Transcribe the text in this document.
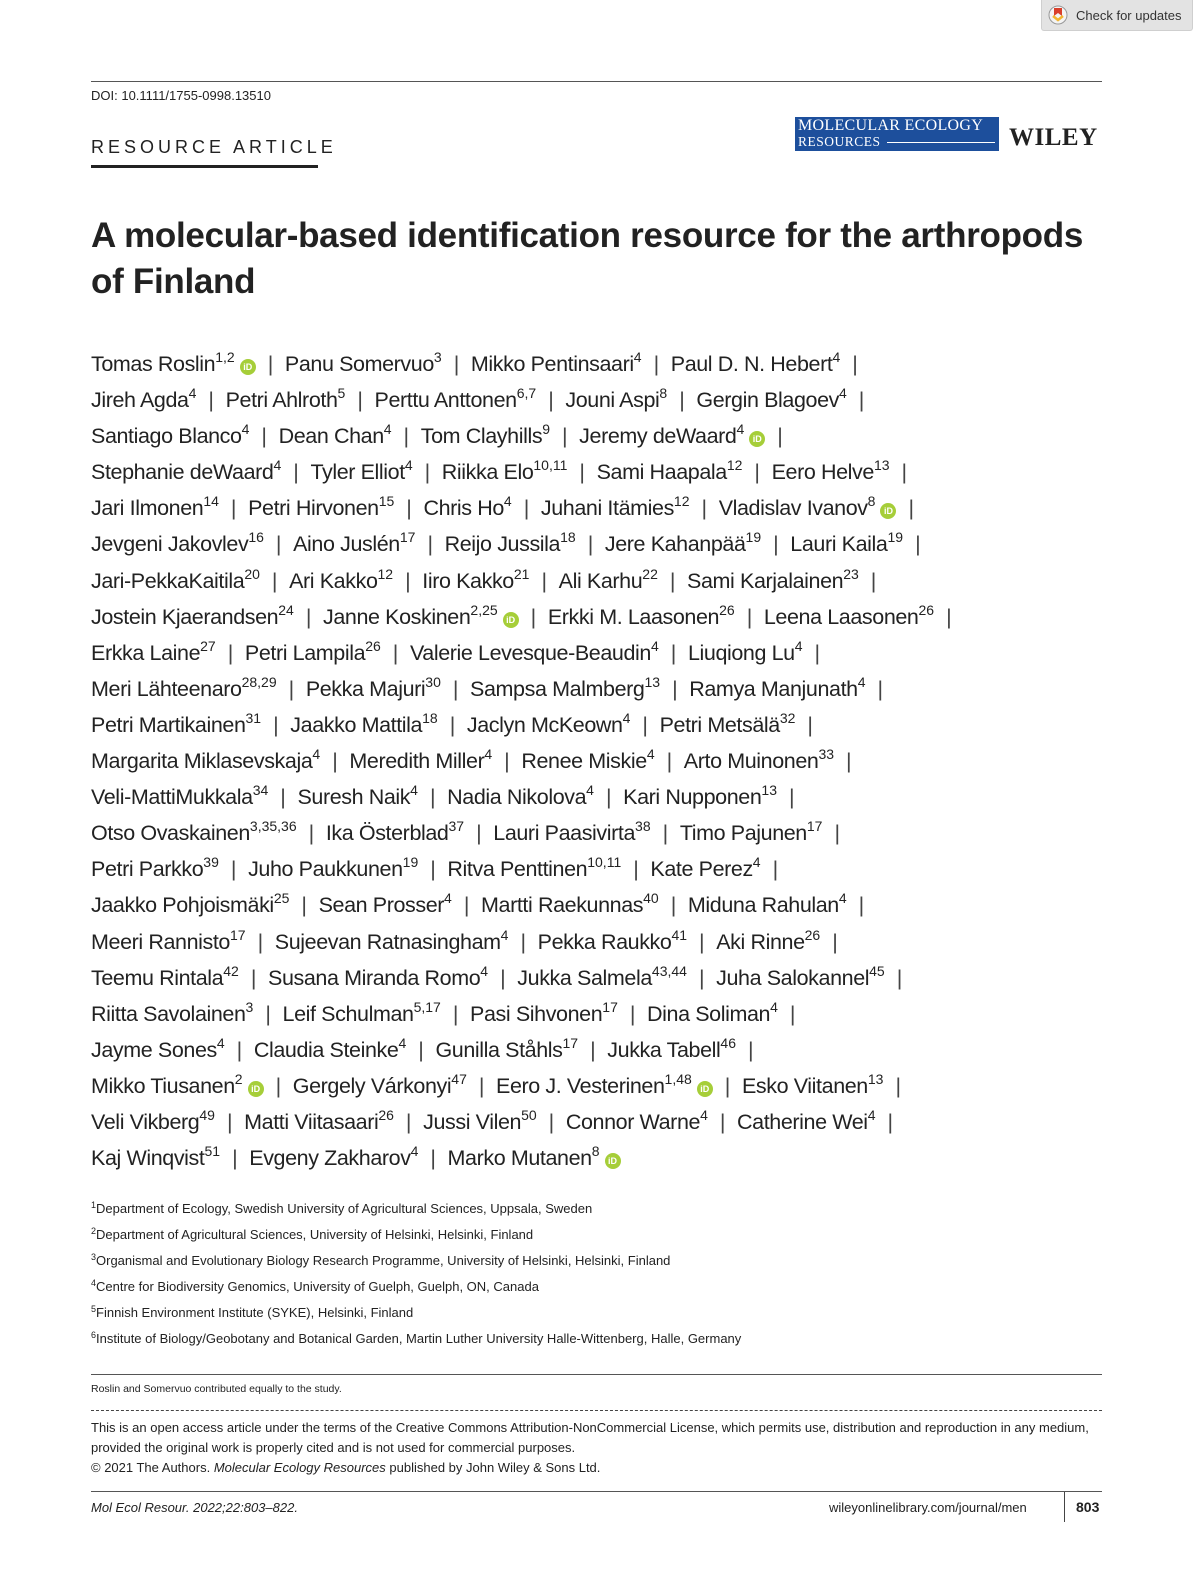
Check for updates
DOI: 10.1111/1755-0998.13510
RESOURCE ARTICLE
MOLECULAR ECOLOGY
RESOURCES	WILEY
A molecular-based identification resource for the arthropods of Finland
Tomas Roslin$^{1,2}$iD | Panu Somervuo$^3$ | Mikko Pentinsaari$^4$ | Paul D. N. Hebert$^4$ |
Jireh Agda$^4$ | Petri Ahlroth$^5$ | Perttu Anttonen$^{6,7}$ | Jouni Aspi$^8$ | Gergin Blagoev$^4$ |
Santiago Blanco$^4$ | Dean Chan$^4$ | Tom Clayhills$^9$ | Jeremy deWaard$^4$iD |
Stephanie deWaard$^4$ | Tyler Elliot$^4$ | Riikka Elo$^{10,11}$ | Sami Haapala$^{12}$ | Eero Helve$^{13}$ |
Jari Ilmonen$^{14}$ | Petri Hirvonen$^{15}$ | Chris Ho$^4$ | Juhani Itämies$^{12}$ | Vladislav Ivanov$^8$iD |
Jevgeni Jakovlev$^{16}$ | Aino Juslén$^{17}$ | Reijo Jussila$^{18}$ | Jere Kahanpää$^{19}$ | Lauri Kaila$^{19}$ |
Jari-PekkaKaitila$^{20}$ | Ari Kakko$^{12}$ | Iiro Kakko$^{21}$ | Ali Karhu$^{22}$ | Sami Karjalainen$^{23}$ |
Jostein Kjaerandsen$^{24}$ | Janne Koskinen$^{2,25}$iD | Erkki M. Laasonen$^{26}$ | Leena Laasonen$^{26}$ |
Erkka Laine$^{27}$ | Petri Lampila$^{26}$ | Valerie Levesque-Beaudin$^4$ | Liuqiong Lu$^4$ |
Meri Lähteenaro$^{28,29}$ | Pekka Majuri$^{30}$ | Sampsa Malmberg$^{13}$ | Ramya Manjunath$^4$ |
Petri Martikainen$^{31}$ | Jaakko Mattila$^{18}$ | Jaclyn McKeown$^4$ | Petri Metsälä$^{32}$ |
Margarita Miklasevskaja$^4$ | Meredith Miller$^4$ | Renee Miskie$^4$ | Arto Muinonen$^{33}$ |
Veli-MattiMukkala$^{34}$ | Suresh Naik$^4$ | Nadia Nikolova$^4$ | Kari Nupponen$^{13}$ |
Otso Ovaskainen$^{3,35,36}$ | Ika Österblad$^{37}$ | Lauri Paasivirta$^{38}$ | Timo Pajunen$^{17}$ |
Petri Parkko$^{39}$ | Juho Paukkunen$^{19}$ | Ritva Penttinen$^{10,11}$ | Kate Perez$^4$ |
Jaakko Pohjoismäki$^{25}$ | Sean Prosser$^4$ | Martti Raekunnas$^{40}$ | Miduna Rahulan$^4$ |
Meeri Rannisto$^{17}$ | Sujeevan Ratnasingham$^4$ | Pekka Raukko$^{41}$ | Aki Rinne$^{26}$ |
Teemu Rintala$^{42}$ | Susana Miranda Romo$^4$ | Jukka Salmela$^{43,44}$ | Juha Salokannel$^{45}$ |
Riitta Savolainen$^3$ | Leif Schulman$^{5,17}$ | Pasi Sihvonen$^{17}$ | Dina Soliman$^4$ |
Jayme Sones$^4$ | Claudia Steinke$^4$ | Gunilla Ståhls$^{17}$ | Jukka Tabell$^{46}$ |
Mikko Tiusanen$^2$iD | Gergely Várkonyi$^{47}$ | Eero J. Vesterinen$^{1,48}$iD | Esko Viitanen$^{13}$ |
Veli Vikberg$^{49}$ | Matti Viitasaari$^{26}$ | Jussi Vilen$^{50}$ | Connor Warne$^4$ | Catherine Wei$^4$ |
Kaj Winqvist$^{51}$ | Evgeny Zakharov$^4$ | Marko Mutanen$^8$iD
$^1$Department of Ecology, Swedish University of Agricultural Sciences, Uppsala, Sweden
$^2$Department of Agricultural Sciences, University of Helsinki, Helsinki, Finland
$^3$Organismal and Evolutionary Biology Research Programme, University of Helsinki, Helsinki, Finland
$^4$Centre for Biodiversity Genomics, University of Guelph, Guelph, ON, Canada
$^5$Finnish Environment Institute (SYKE), Helsinki, Finland
$^6$Institute of Biology/Geobotany and Botanical Garden, Martin Luther University Halle-Wittenberg, Halle, Germany
Roslin and Somervuo contributed equally to the study.

This is an open access article under the terms of the Creative Commons Attribution-NonCommercial License, which permits use, distribution and reproduction in any medium, provided the original work is properly cited and is not used for commercial purposes.

© 2021 The Authors. Molecular Ecology Resources published by John Wiley & Sons Ltd.

Mol Ecol Resour. 2022;22:803–822.	wileyonlinelibrary.com/journal/men	803
